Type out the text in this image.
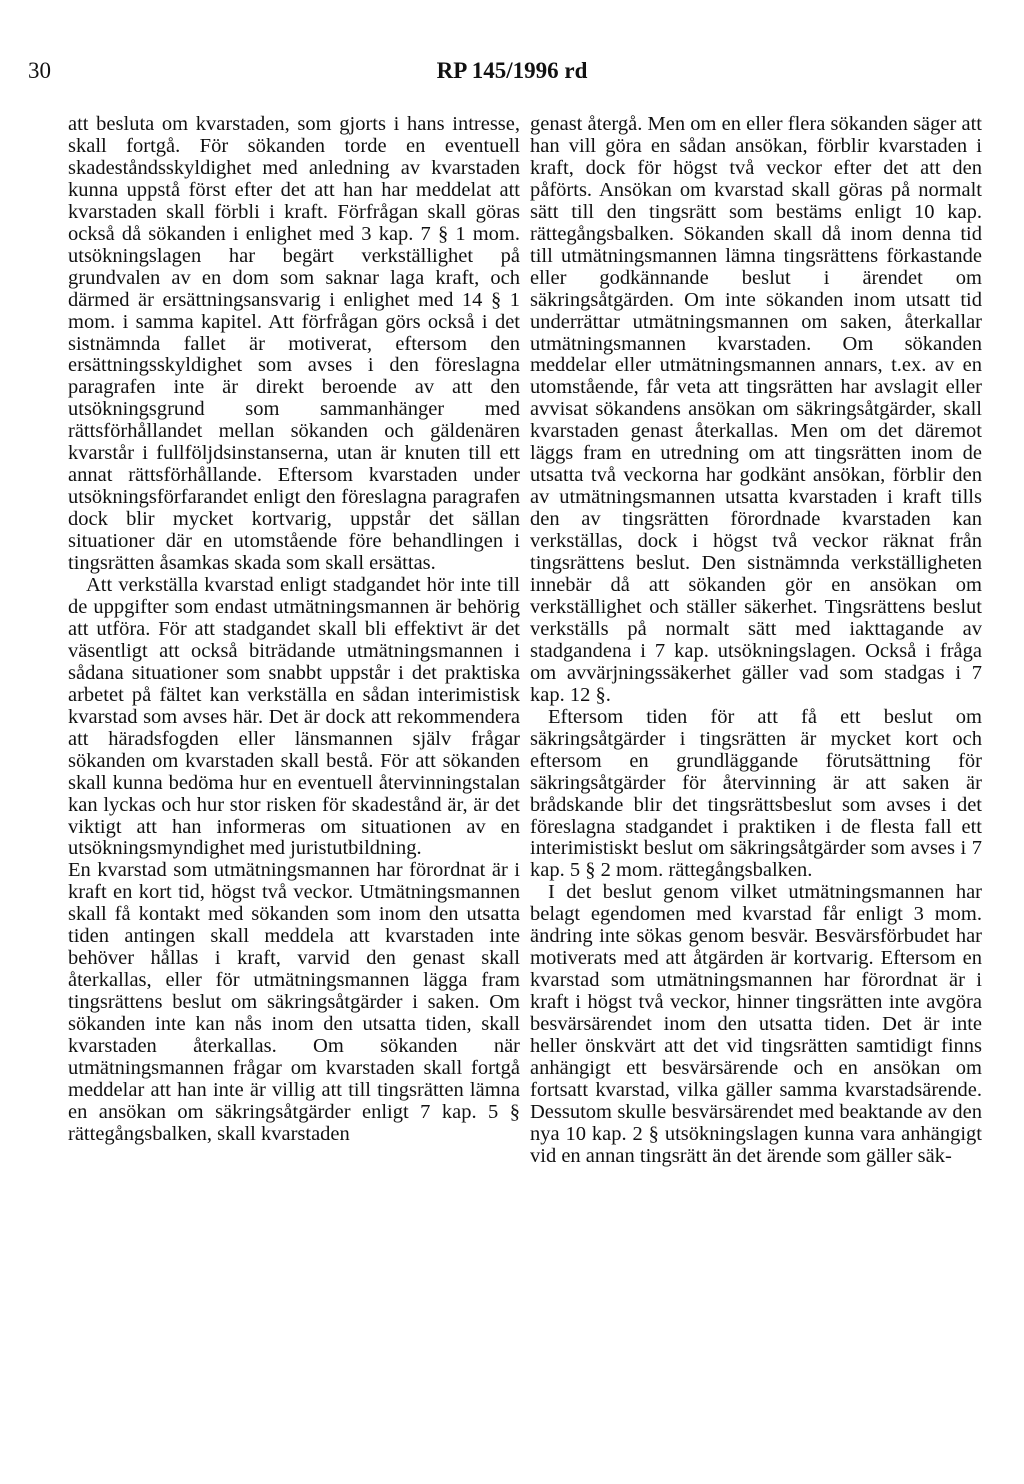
30	RP 145/1996 rd

att besluta om kvarstaden, som gjorts i hans intresse, skall fortgå. För sökanden torde en eventuell skadeståndsskyldighet med anledning av kvarstaden kunna uppstå först efter det att han har meddelat att kvarstaden skall förbli i kraft. Förfrågan skall göras också då sökanden i enlighet med 3 kap. 7 § 1 mom. utsökningslagen har begärt verkställighet på grundvalen av en dom som saknar laga kraft, och därmed är ersättningsansvarig i enlighet med 14 § 1 mom. i samma kapitel. Att förfrågan görs också i det sistnämnda fallet är motiverat, eftersom den ersättningsskyldighet som avses i den föreslagna paragrafen inte är direkt beroende av att den utsökningsgrund som sammanhänger med rättsförhållandet mellan sökanden och gäldenären kvarstår i fullföljdsinstanserna, utan är knuten till ett annat rättsförhållande. Eftersom kvarstaden under utsökningsförfarandet enligt den föreslagna paragrafen dock blir mycket kortvarig, uppstår det sällan situationer där en utomstående före behandlingen i tingsrätten åsamkas skada som skall ersättas.

Att verkställa kvarstad enligt stadgandet hör inte till de uppgifter som endast utmätningsmannen är behörig att utföra. För att stadgandet skall bli effektivt är det väsentligt att också biträdande utmätningsmannen i sådana situationer som snabbt uppstår i det praktiska arbetet på fältet kan verkställa en sådan interimistisk kvarstad som avses här. Det är dock att rekommendera att häradsfogden eller länsmannen själv frågar sökanden om kvarstaden skall bestå. För att sökanden skall kunna bedöma hur en eventuell återvinningstalan kan lyckas och hur stor risken för skadestånd är, är det viktigt att han informeras om situationen av en utsökningsmyndighet med juristutbildning.

En kvarstad som utmätningsmannen har förordnat är i kraft en kort tid, högst två veckor. Utmätningsmannen skall få kontakt med sökanden som inom den utsatta tiden antingen skall meddela att kvarstaden inte behöver hållas i kraft, varvid den genast skall återkallas, eller för utmätningsmannen lägga fram tingsrättens beslut om säkringsåtgärder i saken. Om sökanden inte kan nås inom den utsatta tiden, skall kvarstaden återkallas. Om sökanden när utmätningsmannen frågar om kvarstaden skall fortgå meddelar att han inte är villig att till tingsrätten lämna en ansökan om säkringsåtgärder enligt 7 kap. 5 § rättegångsbalken, skall kvarstaden

genast återgå. Men om en eller flera sökanden säger att han vill göra en sådan ansökan, förblir kvarstaden i kraft, dock för högst två veckor efter det att den påförts. Ansökan om kvarstad skall göras på normalt sätt till den tingsrätt som bestäms enligt 10 kap. rättegångsbalken. Sökanden skall då inom denna tid till utmätningsmannen lämna tingsrättens förkastande eller godkännande beslut i ärendet om säkringsåtgärden. Om inte sökanden inom utsatt tid underrättar utmätningsmannen om saken, återkallar utmätningsmannen kvarstaden. Om sökanden meddelar eller utmätningsmannen annars, t.ex. av en utomstående, får veta att tingsrätten har avslagit eller avvisat sökandens ansökan om säkringsåtgärder, skall kvarstaden genast återkallas. Men om det däremot läggs fram en utredning om att tingsrätten inom de utsatta två veckorna har godkänt ansökan, förblir den av utmätningsmannen utsatta kvarstaden i kraft tills den av tingsrätten förordnade kvarstaden kan verkställas, dock i högst två veckor räknat från tingsrättens beslut. Den sistnämnda verkställigheten innebär då att sökanden gör en ansökan om verkställighet och ställer säkerhet. Tingsrättens beslut verkställs på normalt sätt med iakttagande av stadgandena i 7 kap. utsökningslagen. Också i fråga om avvärjningssäkerhet gäller vad som stadgas i 7 kap. 12 §.

Eftersom tiden för att få ett beslut om säkringsåtgärder i tingsrätten är mycket kort och eftersom en grundläggande förutsättning för säkringsåtgärder för återvinning är att saken är brådskande blir det tingsrättsbeslut som avses i det föreslagna stadgandet i praktiken i de flesta fall ett interimistiskt beslut om säkringsåtgärder som avses i 7 kap. 5 § 2 mom. rättegångsbalken.

I det beslut genom vilket utmätningsmannen har belagt egendomen med kvarstad får enligt 3 mom. ändring inte sökas genom besvär. Besvärsförbudet har motiverats med att åtgärden är kortvarig. Eftersom en kvarstad som utmätningsmannen har förordnat är i kraft i högst två veckor, hinner tingsrätten inte avgöra besvärsärendet inom den utsatta tiden. Det är inte heller önskvärt att det vid tingsrätten samtidigt finns anhängigt ett besvärsärende och en ansökan om fortsatt kvarstad, vilka gäller samma kvarstadsärende. Dessutom skulle besvärsärendet med beaktande av den nya 10 kap. 2 § utsökningslagen kunna vara anhängigt vid en annan tingsrätt än det ärende som gäller säk-
